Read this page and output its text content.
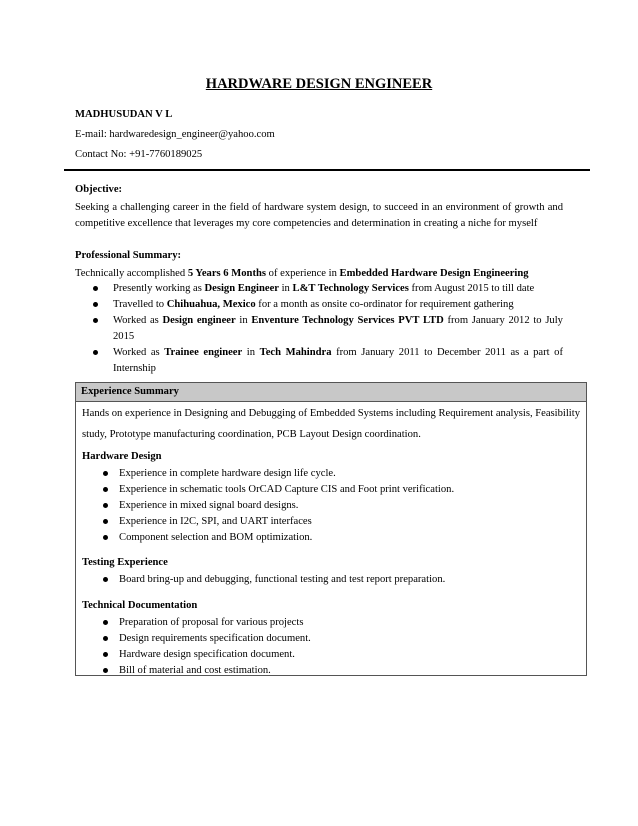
HARDWARE DESIGN ENGINEER
MADHUSUDAN V L
E-mail: hardwaredesign_engineer@yahoo.com
Contact No: +91-7760189025
Objective:
Seeking a challenging career in the field of hardware system design, to succeed in an environment of growth and competitive excellence that leverages my core competencies and determination in creating a niche for myself
Professional Summary:
Technically accomplished 5 Years 6 Months of experience in Embedded Hardware Design Engineering
Presently working as Design Engineer in L&T Technology Services from August 2015 to till date
Travelled to Chihuahua, Mexico for a month as onsite co-ordinator for requirement gathering
Worked as Design engineer in Enventure Technology Services PVT LTD from January 2012 to July 2015
Worked as Trainee engineer in Tech Mahindra from January 2011 to December 2011 as a part of Internship
Experience Summary
Hands on experience in Designing and Debugging of Embedded Systems including Requirement analysis, Feasibility study, Prototype manufacturing coordination, PCB Layout Design coordination.
Hardware Design
Experience in complete hardware design life cycle.
Experience in schematic tools OrCAD Capture CIS and Foot print verification.
Experience in mixed signal board designs.
Experience in I2C, SPI, and UART interfaces
Component selection and BOM optimization.
Testing Experience
Board bring-up and debugging, functional testing and test report preparation.
Technical Documentation
Preparation of proposal for various projects
Design requirements specification document.
Hardware design specification document.
Bill of material and cost estimation.
